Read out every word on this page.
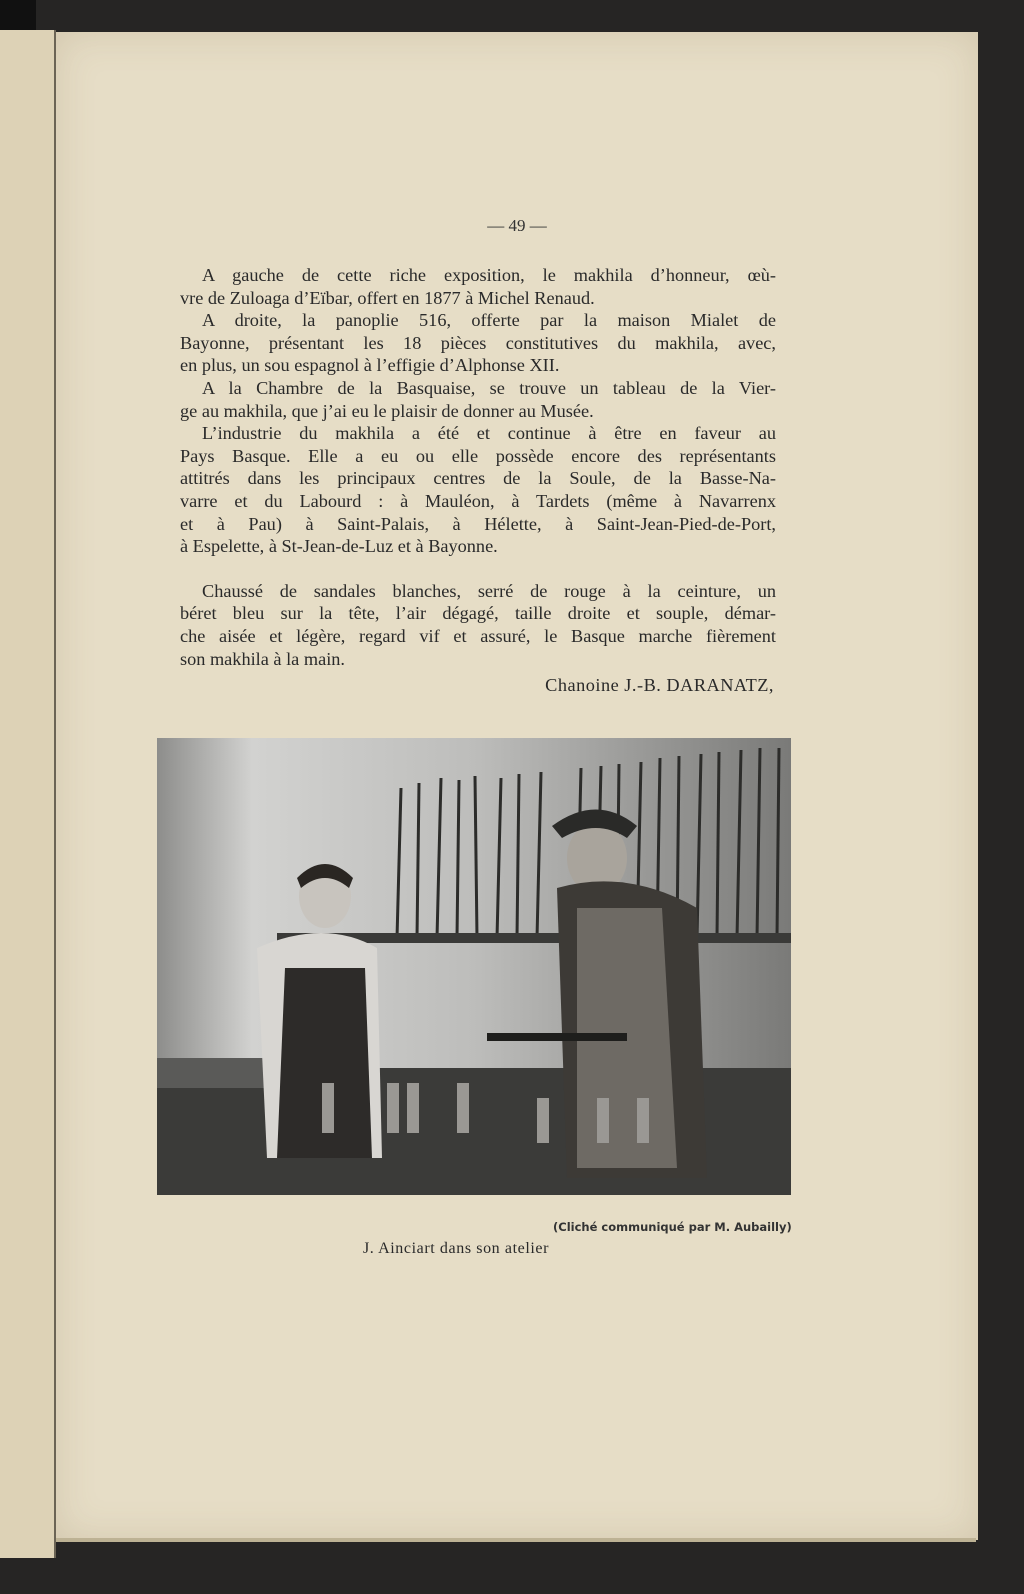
— 49 —
A gauche de cette riche exposition, le makhila d’honneur, œù-
vre de Zuloaga d’Eïbar, offert en 1877 à Michel Renaud.
A droite, la panoplie 516, offerte par la maison Mialet de
Bayonne, présentant les 18 pièces constitutives du makhila, avec,
en plus, un sou espagnol à l’effigie d’Alphonse XII.
A la Chambre de la Basquaise, se trouve un tableau de la Vier-
ge au makhila, que j’ai eu le plaisir de donner au Musée.
L’industrie du makhila a été et continue à être en faveur au
Pays Basque. Elle a eu ou elle possède encore des représentants
attitrés dans les principaux centres de la Soule, de la Basse-Na-
varre et du Labourd : à Mauléon, à Tardets (même à Navarrenx
et à Pau) à Saint-Palais, à Hélette, à Saint-Jean-Pied-de-Port,
à Espelette, à St-Jean-de-Luz et à Bayonne.
Chaussé de sandales blanches, serré de rouge à la ceinture, un
béret bleu sur la tête, l’air dégagé, taille droite et souple, démar-
che aisée et légère, regard vif et assuré, le Basque marche fièrement
son makhila à la main.
Chanoine J.-B. DARANATZ,
(Cliché communiqué par M. Aubailly)
J. Ainciart dans son atelier
